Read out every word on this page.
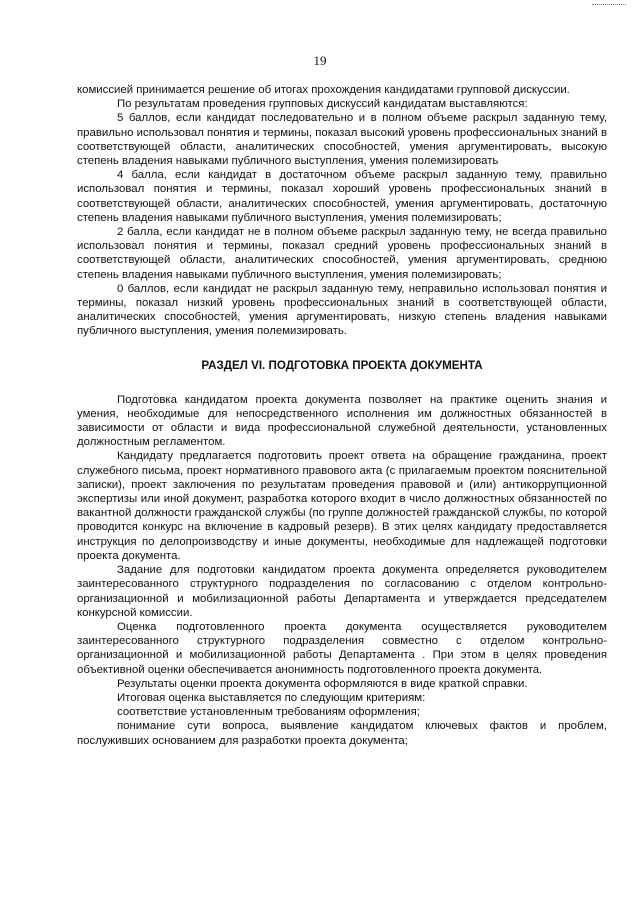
19

комиссией принимается решение об итогах прохождения кандидатами групповой дискуссии.

По результатам проведения групповых дискуссий кандидатам выставляются:

5 баллов, если кандидат последовательно и в полном объеме раскрыл заданную тему, правильно использовал понятия и термины, показал высокий уровень профессиональных знаний в соответствующей области, аналитических способностей, умения аргументировать, высокую степень владения навыками публичного выступления, умения полемизировать

4 балла, если кандидат в достаточном объеме раскрыл заданную тему, правильно использовал понятия и термины, показал хороший уровень профессиональных знаний в соответствующей области, аналитических способностей, умения аргументировать, достаточную степень владения навыками публичного выступления, умения полемизировать;

2 балла, если кандидат не в полном объеме раскрыл заданную тему, не всегда правильно использовал понятия и термины, показал средний уровень профессиональных знаний в соответствующей области, аналитических способностей, умения аргументировать, среднюю степень владения навыками публичного выступления, умения полемизировать;

0 баллов, если кандидат не раскрыл заданную тему, неправильно использовал понятия и термины, показал низкий уровень профессиональных знаний в соответствующей области, аналитических способностей, умения аргументировать, низкую степень владения навыками публичного выступления, умения полемизировать.

РАЗДЕЛ VI. ПОДГОТОВКА ПРОЕКТА ДОКУМЕНТА

Подготовка кандидатом проекта документа позволяет на практике оценить знания и умения, необходимые для непосредственного исполнения им должностных обязанностей в зависимости от области и вида профессиональной служебной деятельности, установленных должностным регламентом.

Кандидату предлагается подготовить проект ответа на обращение гражданина, проект служебного письма, проект нормативного правового акта (с прилагаемым проектом пояснительной записки), проект заключения по результатам проведения правовой и (или) антикоррупционной экспертизы или иной документ, разработка которого входит в число должностных обязанностей по вакантной должности гражданской службы (по группе должностей гражданской службы, по которой проводится конкурс на включение в кадровый резерв). В этих целях кандидату предоставляется инструкция по делопроизводству и иные документы, необходимые для надлежащей подготовки проекта документа.

Задание для подготовки кандидатом проекта документа определяется руководителем заинтересованного структурного подразделения по согласованию с отделом контрольно-организационной и мобилизационной работы Департамента и утверждается председателем конкурсной комиссии.

Оценка подготовленного проекта документа осуществляется руководителем заинтересованного структурного подразделения совместно с отделом контрольно-организационной и мобилизационной работы Департамента . При этом в целях проведения объективной оценки обеспечивается анонимность подготовленного проекта документа.

Результаты оценки проекта документа оформляются в виде краткой справки.

Итоговая оценка выставляется по следующим критериям:

соответствие установленным требованиям оформления;

понимание сути вопроса, выявление кандидатом ключевых фактов и проблем, послуживших основанием для разработки проекта документа;
